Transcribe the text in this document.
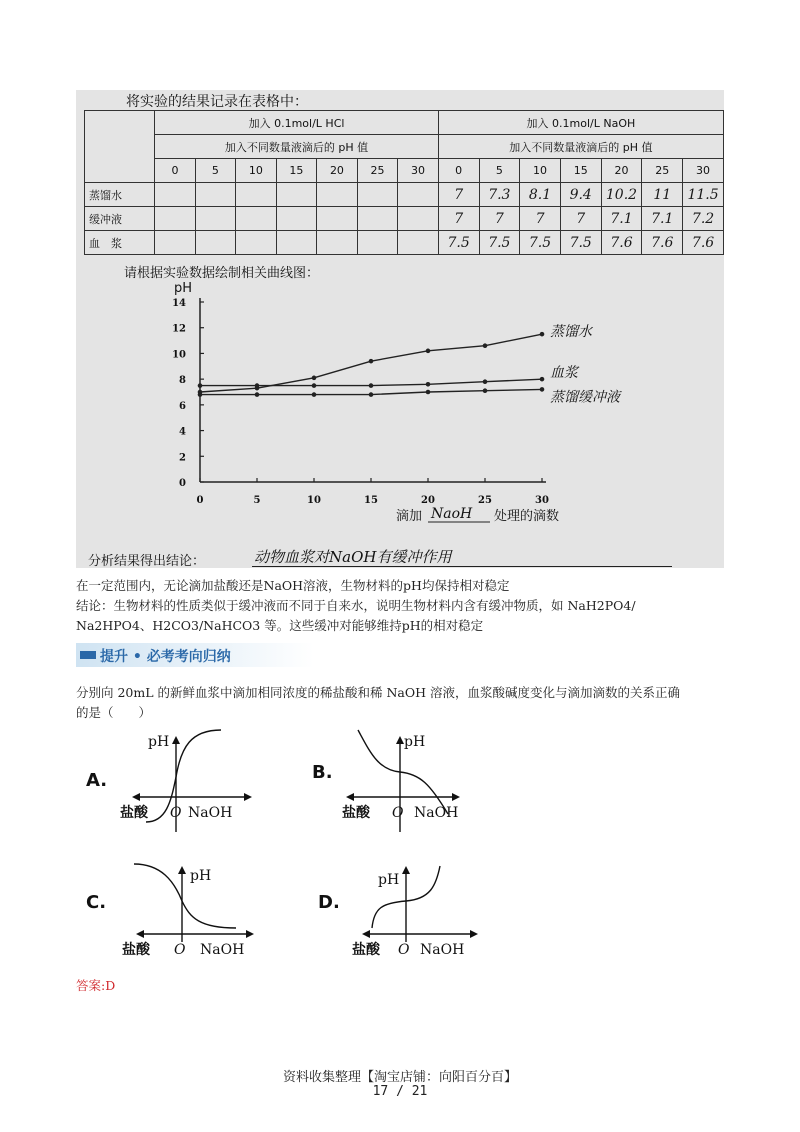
将实验的结果记录在表格中：
	加入 0.1mol/L HCl							加入 0.1mol/L NaOH						
	加入不同数量液滴后的 pH 值							加入不同数量液滴后的 pH 值						
	0	5	10	15	20	25	30	0	5	10	15	20	25	30
蒸馏水								7	7.3	8.1	9.4	10.2	11	11.5
缓冲液								7	7	7	7	7.1	7.1	7.2
血　浆								7.5	7.5	7.5	7.5	7.6	7.6	7.6
请根据实验数据绘制相关曲线图：
pH
0
2
4
6
8
10
12
14
0	5	10	15	20	25	30
滴加 NaoH 处理的滴数
蒸馏水
血浆
蒸馏缓冲液
分析结果得出结论：	动物血浆对NaOH有缓冲作用
在一定范围内，无论滴加盐酸还是NaOH溶液，生物材料的pH均保持相对稳定
结论：生物材料的性质类似于缓冲液而不同于自来水，说明生物材料内含有缓冲物质，如 NaH2PO4/
Na2HPO4、H2CO3/NaHCO3 等。这些缓冲对能够维持pH的相对稳定
提升 • 必考考向归纳
分别向 20mL 的新鲜血浆中滴加相同浓度的稀盐酸和稀 NaOH 溶液，血浆酸碱度变化与滴加滴数的关系正确
的是（　　）
A.
pH
盐酸 O NaOH
B.
pH
盐酸 O NaOH
C.
pH
盐酸 O NaOH
D.
pH
盐酸 O NaOH
答案:D
资料收集整理【淘宝店铺：向阳百分百】
17 / 21
